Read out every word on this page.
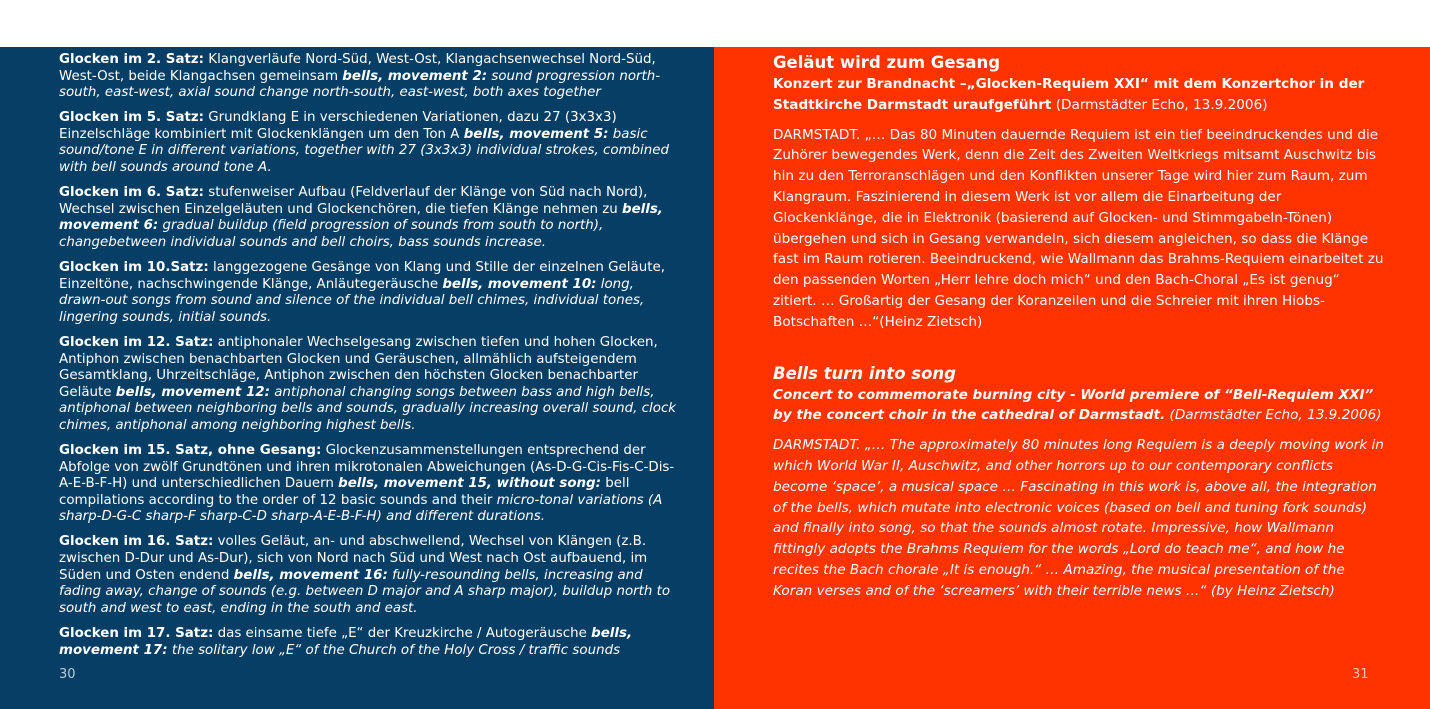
Glocken im 2. Satz: Klangverläufe Nord-Süd, West-Ost, Klangachsenwechsel Nord-Süd, West-Ost, beide Klangachsen gemeinsam bells, movement 2: sound progression north-south, east-west, axial sound change north-south, east-west, both axes together

Glocken im 5. Satz: Grundklang E in verschiedenen Variationen, dazu 27 (3x3x3) Einzelschläge kombiniert mit Glockenklängen um den Ton A bells, movement 5: basic sound/tone E in different variations, together with 27 (3x3x3) individual strokes, combined with bell sounds around tone A.

Glocken im 6. Satz: stufenweiser Aufbau (Feldverlauf der Klänge von Süd nach Nord), Wechsel zwischen Einzelgeläuten und Glockenchören, die tiefen Klänge nehmen zu bells, movement 6: gradual buildup (field progression of sounds from south to north), changebetween individual sounds and bell choirs, bass sounds increase.

Glocken im 10.Satz: langgezogene Gesänge von Klang und Stille der einzelnen Geläute, Einzeltöne, nachschwingende Klänge, Anläutegeräusche bells, movement 10: long, drawn-out songs from sound and silence of the individual bell chimes, individual tones, lingering sounds, initial sounds.

Glocken im 12. Satz: antiphonaler Wechselgesang zwischen tiefen und hohen Glocken, Antiphon zwischen benachbarten Glocken und Geräuschen, allmählich aufsteigendem Gesamtklang, Uhrzeitschläge, Antiphon zwischen den höchsten Glocken benachbarter Geläute bells, movement 12: antiphonal changing songs between bass and high bells, antiphonal between neighboring bells and sounds, gradually increasing overall sound, clock chimes, antiphonal among neighboring highest bells.

Glocken im 15. Satz, ohne Gesang: Glockenzusammenstellungen entsprechend der Abfolge von zwölf Grundtönen und ihren mikrotonalen Abweichungen (As-D-G-Cis-Fis-C-Dis-A-E-B-F-H) und unterschiedlichen Dauern bells, movement 15, without song: bell compilations according to the order of 12 basic sounds and their micro-tonal variations (A sharp-D-G-C sharp-F sharp-C-D sharp-A-E-B-F-H) and different durations.

Glocken im 16. Satz: volles Geläut, an- und abschwellend, Wechsel von Klängen (z.B. zwischen D-Dur und As-Dur), sich von Nord nach Süd und West nach Ost aufbauend, im Süden und Osten endend bells, movement 16: fully-resounding bells, increasing and fading away, change of sounds (e.g. between D major and A sharp major), buildup north to south and west to east, ending in the south and east.

Glocken im 17. Satz: das einsame tiefe „E“ der Kreuzkirche / Autogeräusche bells, movement 17: the solitary low „E“ of the Church of the Holy Cross / traffic sounds

30

Geläut wird zum Gesang

Konzert zur Brandnacht –„Glocken-Requiem XXI“ mit dem Konzertchor in der Stadtkirche Darmstadt uraufgeführt (Darmstädter Echo, 13.9.2006)

DARMSTADT. „… Das 80 Minuten dauernde Requiem ist ein tief beeindruckendes und die Zuhörer bewegendes Werk, denn die Zeit des Zweiten Weltkriegs mitsamt Auschwitz bis hin zu den Terroranschlägen und den Konflikten unserer Tage wird hier zum Raum, zum Klangraum. Faszinierend in diesem Werk ist vor allem die Einarbeitung der Glockenklänge, die in Elektronik (basierend auf Glocken- und Stimmgabeln-Tönen) übergehen und sich in Gesang verwandeln, sich diesem angleichen, so dass die Klänge fast im Raum rotieren. Beeindruckend, wie Wallmann das Brahms-Requiem einarbeitet zu den passenden Worten „Herr lehre doch mich“ und den Bach-Choral „Es ist genug“ zitiert. … Großartig der Gesang der Koranzeilen und die Schreier mit ihren Hiobs-Botschaften …“(Heinz Zietsch)

Bells turn into song

Concert to commemorate burning city - World premiere of “Bell-Requiem XXI” by the concert choir in the cathedral of Darmstadt. (Darmstädter Echo, 13.9.2006)

DARMSTADT. „… The approximately 80 minutes long Requiem is a deeply moving work in which World War II, Auschwitz, and other horrors up to our contemporary conflicts become ‘space’, a musical space … Fascinating in this work is, above all, the integration of the bells, which mutate into electronic voices (based on bell and tuning fork sounds) and finally into song, so that the sounds almost rotate. Impressive, how Wallmann fittingly adopts the Brahms Requiem for the words „Lord do teach me“, and how he recites the Bach chorale „It is enough.“ … Amazing, the musical presentation of the Koran verses and of the ‘screamers’ with their terrible news …“ (by Heinz Zietsch)

31
